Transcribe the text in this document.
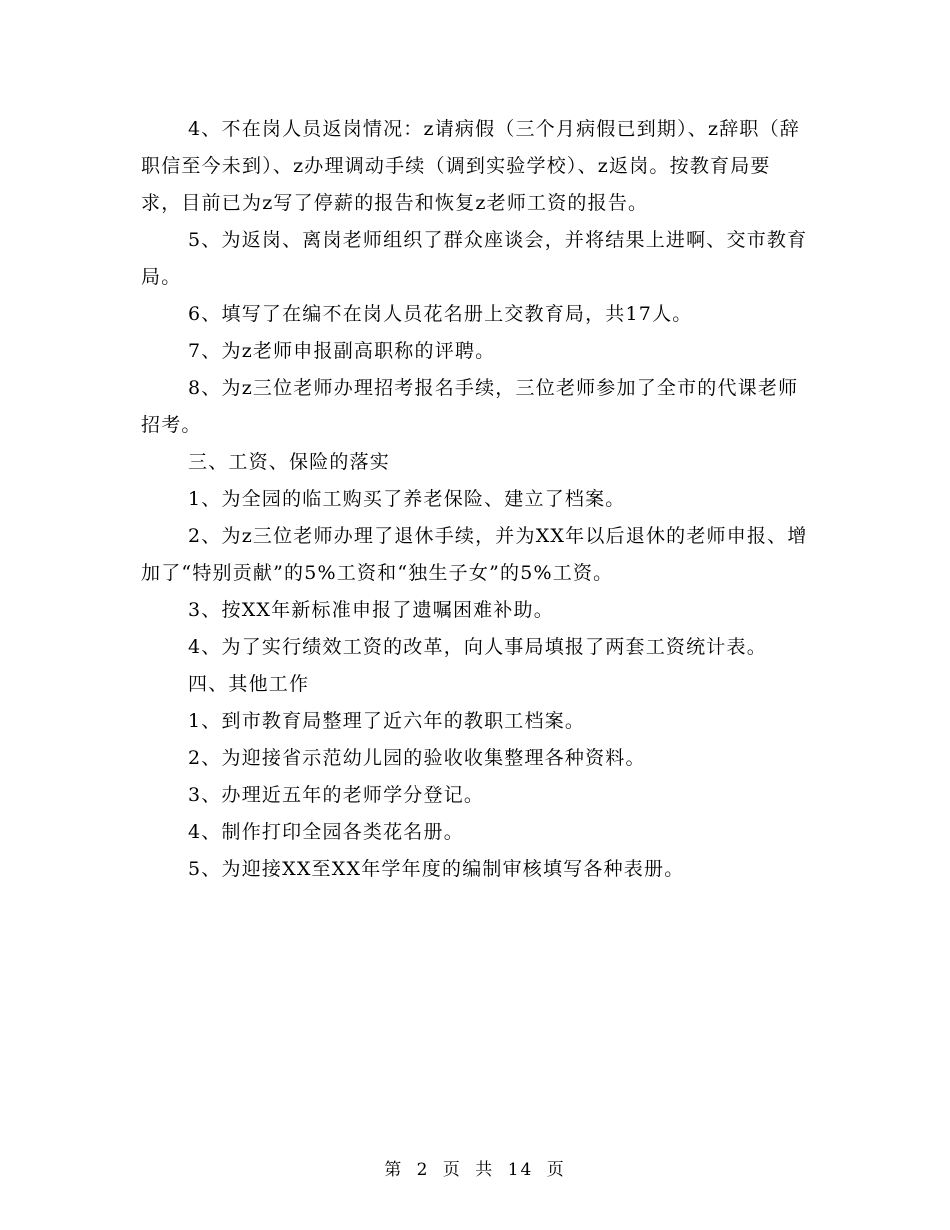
4、不在岗人员返岗情况：z请病假（三个月病假已到期）、z辞职（辞职信至今未到）、z办理调动手续（调到实验学校）、z返岗。按教育局要求，目前已为z写了停薪的报告和恢复z老师工资的报告。

5、为返岗、离岗老师组织了群众座谈会，并将结果上进啊、交市教育局。

6、填写了在编不在岗人员花名册上交教育局，共17人。

7、为z老师申报副高职称的评聘。

8、为z三位老师办理招考报名手续，三位老师参加了全市的代课老师招考。

三、工资、保险的落实

1、为全园的临工购买了养老保险、建立了档案。

2、为z三位老师办理了退休手续，并为XX年以后退休的老师申报、增加了“特别贡献”的5%工资和“独生子女”的5%工资。

3、按XX年新标准申报了遗嘱困难补助。

4、为了实行绩效工资的改革，向人事局填报了两套工资统计表。

四、其他工作

1、到市教育局整理了近六年的教职工档案。

2、为迎接省示范幼儿园的验收收集整理各种资料。

3、办理近五年的老师学分登记。

4、制作打印全园各类花名册。

5、为迎接XX至XX年学年度的编制审核填写各种表册。

第 2 页 共 14 页
